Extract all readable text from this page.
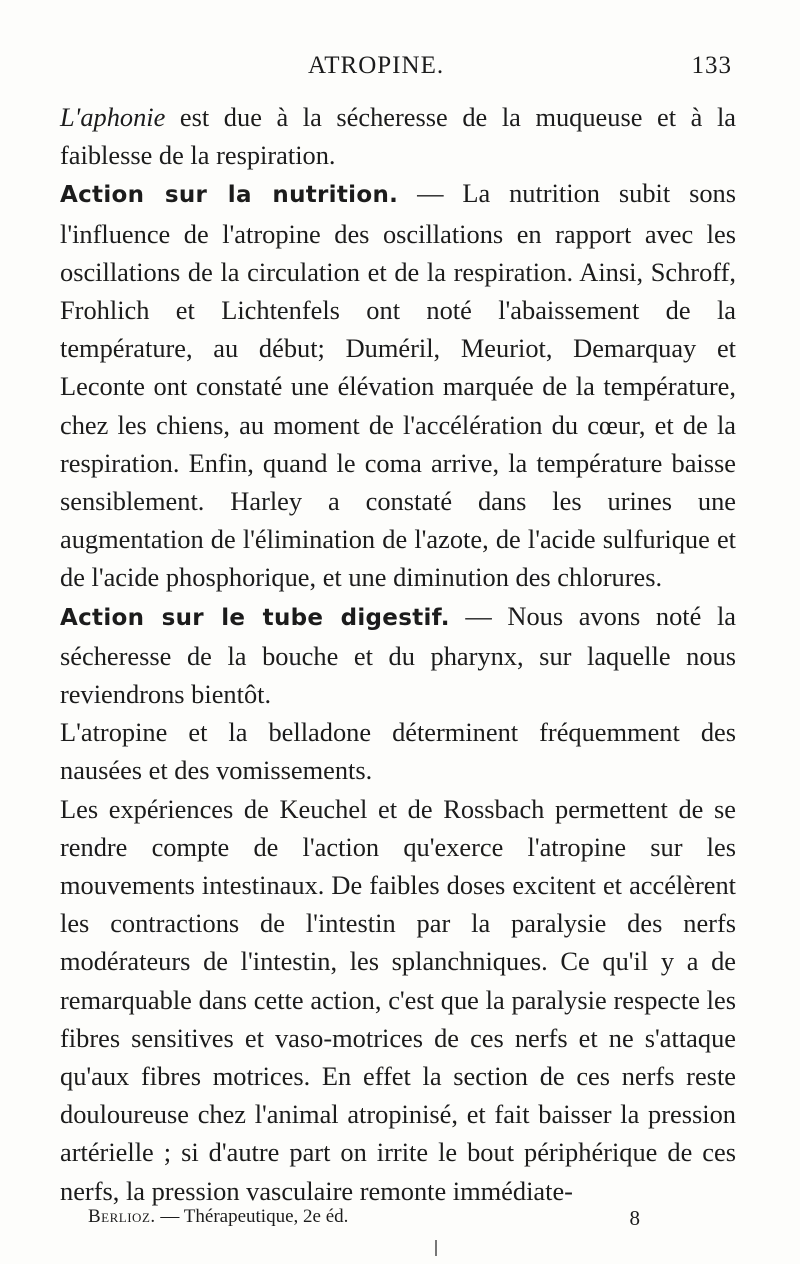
ATROPINE.	133

L'aphonie est due à la sécheresse de la muqueuse et à la faiblesse de la respiration.

Action sur la nutrition. — La nutrition subit sons l'influence de l'atropine des oscillations en rapport avec les oscillations de la circulation et de la respiration. Ainsi, Schroff, Frohlich et Lichtenfels ont noté l'abaissement de la température, au début; Duméril, Meuriot, Demarquay et Leconte ont constaté une élévation marquée de la température, chez les chiens, au moment de l'accélération du cœur, et de la respiration. Enfin, quand le coma arrive, la température baisse sensiblement. Harley a constaté dans les urines une augmentation de l'élimination de l'azote, de l'acide sulfurique et de l'acide phosphorique, et une diminution des chlorures.

Action sur le tube digestif. — Nous avons noté la sécheresse de la bouche et du pharynx, sur laquelle nous reviendrons bientôt.

L'atropine et la belladone déterminent fréquemment des nausées et des vomissements.

Les expériences de Keuchel et de Rossbach permettent de se rendre compte de l'action qu'exerce l'atropine sur les mouvements intestinaux. De faibles doses excitent et accélèrent les contractions de l'intestin par la paralysie des nerfs modérateurs de l'intestin, les splanchniques. Ce qu'il y a de remarquable dans cette action, c'est que la paralysie respecte les fibres sensitives et vaso-motrices de ces nerfs et ne s'attaque qu'aux fibres motrices. En effet la section de ces nerfs reste douloureuse chez l'animal atropinisé, et fait baisser la pression artérielle ; si d'autre part on irrite le bout périphérique de ces nerfs, la pression vasculaire remonte immédiate-

Berlioz. — Thérapeutique, 2e éd.	8
